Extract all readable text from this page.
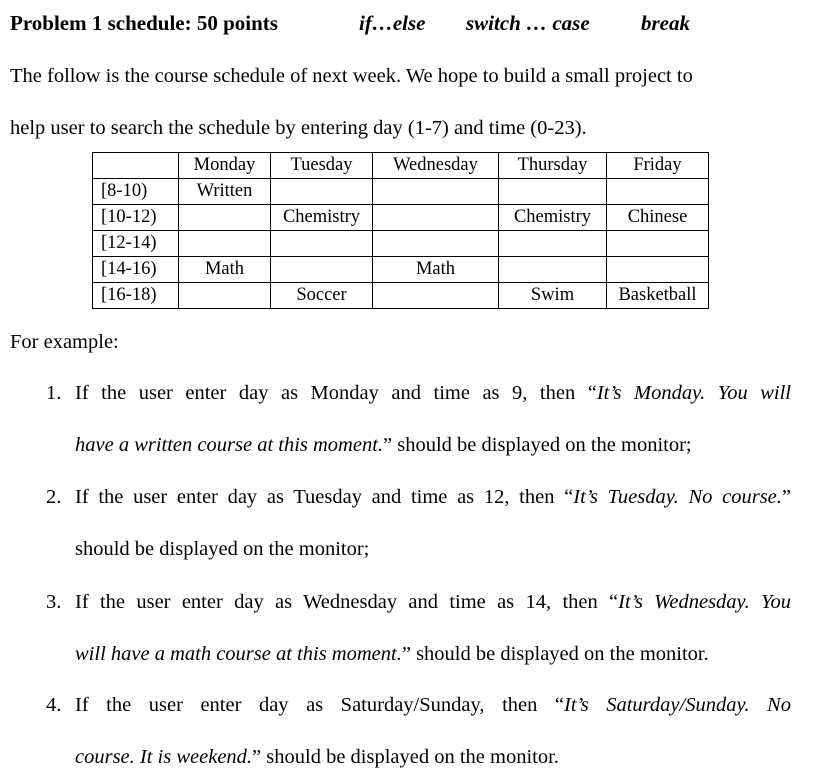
Problem 1 schedule: 50 points	if…else switch … case break
The follow is the course schedule of next week. We hope to build a small project to
help user to search the schedule by entering day (1-7) and time (0-23).
	Monday	Tuesday	Wednesday	Thursday	Friday
[8-10)	Written				
[10-12)		Chemistry		Chemistry	Chinese
[12-14)					
[14-16)	Math		Math		
[16-18)		Soccer		Swim	Basketball
For example:
1. If the user enter day as Monday and time as 9, then “It’s Monday. You will
have a written course at this moment.” should be displayed on the monitor;
2. If the user enter day as Tuesday and time as 12, then “It’s Tuesday. No course.”
should be displayed on the monitor;
3. If the user enter day as Wednesday and time as 14, then “It’s Wednesday. You
will have a math course at this moment.” should be displayed on the monitor.
4. If the user enter day as Saturday/Sunday, then “It’s Saturday/Sunday. No
course. It is weekend.” should be displayed on the monitor.
